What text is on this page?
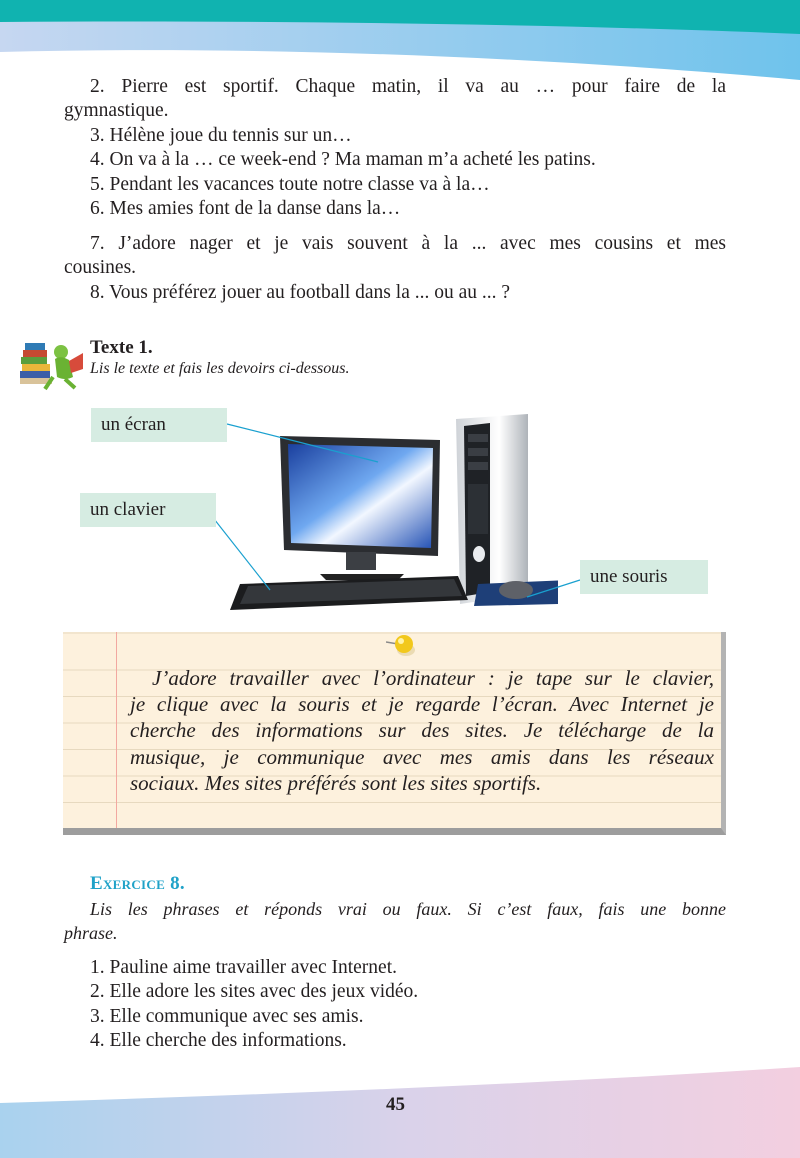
2. Pierre est sportif. Chaque matin, il va au … pour faire de la
gymnastique.
3. Hélène joue du tennis sur un…
4. On va à la … ce week-end ? Ma maman m’a acheté les patins.
5. Pendant les vacances toute notre classe va à la…
6. Mes amies font de la danse dans la…
7. J’adore nager et je vais souvent à la ... avec mes cousins et mes
cousines.
8. Vous préférez jouer au football dans la ... ou au ... ?
Texte 1.
Lis le texte et fais les devoirs ci-dessous.
un écran
un clavier
une souris
J’adore travailler avec l’ordinateur : je tape sur le clavier,
je clique avec la souris et je regarde l’écran. Avec Internet je
cherche des informations sur des sites. Je télécharge de la
musique, je communique avec mes amis dans les réseaux
sociaux. Mes sites préférés sont les sites sportifs.
Exercice 8.
Lis les phrases et réponds vrai ou faux. Si c’est faux, fais une bonne
phrase.
1. Pauline aime travailler avec Internet.
2. Elle adore les sites avec des jeux vidéo.
3. Elle communique avec ses amis.
4. Elle cherche des informations.
45
